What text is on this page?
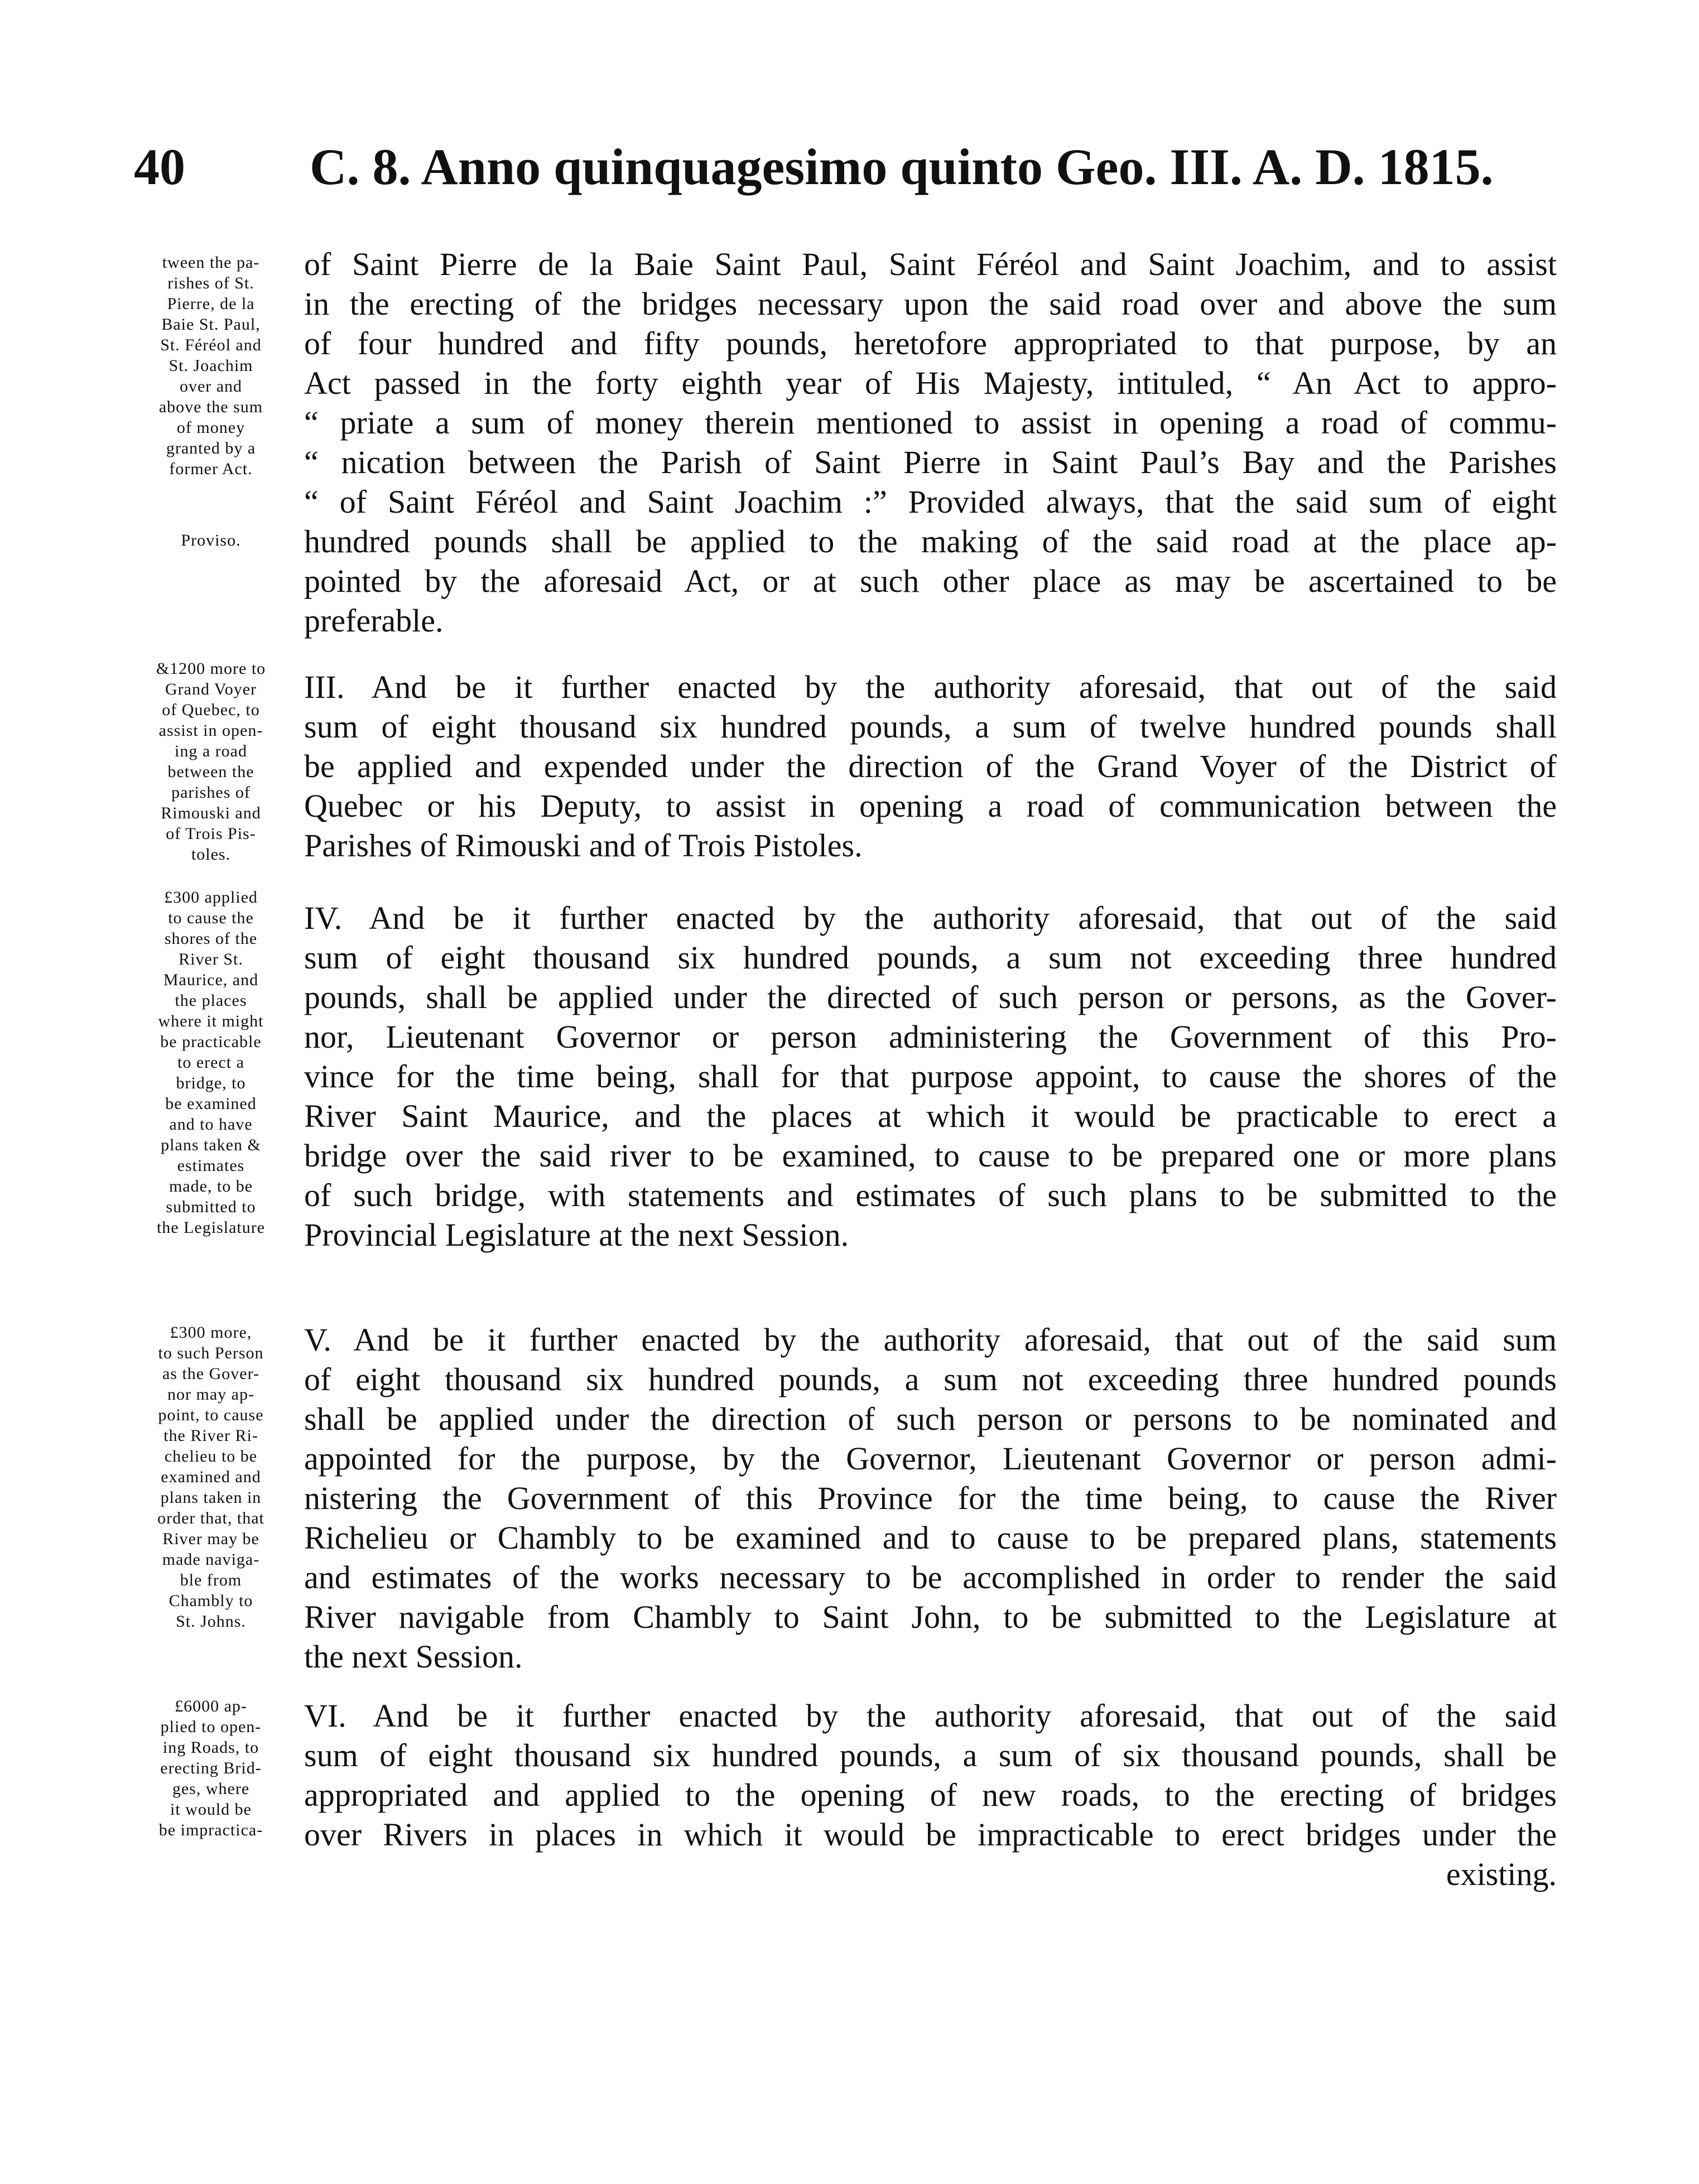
40 C. 8. Anno quinquagesimo quinto Geo. III. A. D. 1815.
tween the pa-
rishes of St.
Pierre, de la
Baie St. Paul,
St. Féréol and
St. Joachim
over and
above the sum
of money
granted by a
former Act.
of Saint Pierre de la Baie Saint Paul, Saint Féréol and Saint Joachim, and to assist
in the erecting of the bridges necessary upon the said road over and above the sum
of four hundred and fifty pounds, heretofore appropriated to that purpose, by an
Act passed in the forty eighth year of His Majesty, intituled, “ An Act to appro-
“ priate a sum of money therein mentioned to assist in opening a road of commu-
“ nication between the Parish of Saint Pierre in Saint Paul’s Bay and the Parishes
“ of Saint Féréol and Saint Joachim :” Provided always, that the said sum of eight
hundred pounds shall be applied to the making of the said road at the place ap-
pointed by the aforesaid Act, or at such other place as may be ascertained to be
preferable.
Proviso.
&1200 more to
Grand Voyer
of Quebec, to
assist in open-
ing a road
between the
parishes of
Rimouski and
of Trois Pis-
toles.
III. And be it further enacted by the authority aforesaid, that out of the said
sum of eight thousand six hundred pounds, a sum of twelve hundred pounds shall
be applied and expended under the direction of the Grand Voyer of the District of
Quebec or his Deputy, to assist in opening a road of communication between the
Parishes of Rimouski and of Trois Pistoles.
£300 applied
to cause the
shores of the
River St.
Maurice, and
the places
where it might
be practicable
to erect a
bridge, to
be examined
and to have
plans taken &
estimates
made, to be
submitted to
the Legislature
IV. And be it further enacted by the authority aforesaid, that out of the said
sum of eight thousand six hundred pounds, a sum not exceeding three hundred
pounds, shall be applied under the directed of such person or persons, as the Gover-
nor, Lieutenant Governor or person administering the Government of this Pro-
vince for the time being, shall for that purpose appoint, to cause the shores of the
River Saint Maurice, and the places at which it would be practicable to erect a
bridge over the said river to be examined, to cause to be prepared one or more plans
of such bridge, with statements and estimates of such plans to be submitted to the
Provincial Legislature at the next Session.
£300 more,
to such Person
as the Gover-
nor may ap-
point, to cause
the River Ri-
chelieu to be
examined and
plans taken in
order that, that
River may be
made naviga-
ble from
Chambly to
St. Johns.
V. And be it further enacted by the authority aforesaid, that out of the said sum
of eight thousand six hundred pounds, a sum not exceeding three hundred pounds
shall be applied under the direction of such person or persons to be nominated and
appointed for the purpose, by the Governor, Lieutenant Governor or person admi-
nistering the Government of this Province for the time being, to cause the River
Richelieu or Chambly to be examined and to cause to be prepared plans, statements
and estimates of the works necessary to be accomplished in order to render the said
River navigable from Chambly to Saint John, to be submitted to the Legislature at
the next Session.
£6000 ap-
plied to open-
ing Roads, to
erecting Brid-
ges, where
it would be
be impractica-
VI. And be it further enacted by the authority aforesaid, that out of the said
sum of eight thousand six hundred pounds, a sum of six thousand pounds, shall be
appropriated and applied to the opening of new roads, to the erecting of bridges
over Rivers in places in which it would be impracticable to erect bridges under the
existing.
